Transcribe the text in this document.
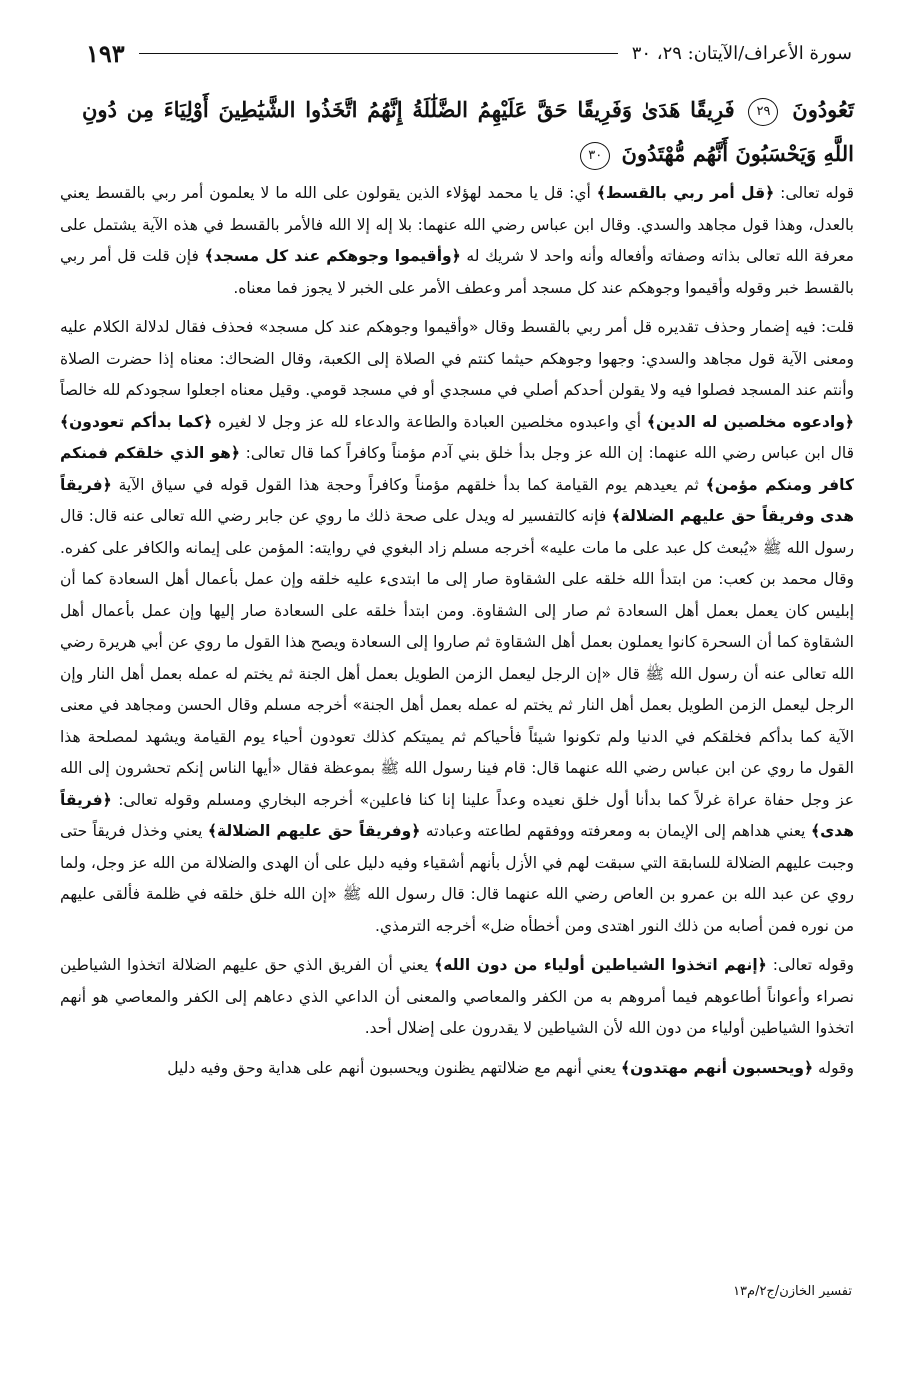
سورة الأعراف/الآيتان: ٢٩، ٣٠
١٩٣
تَعُودُونَ ٢٩ فَرِيقًا هَدَىٰ وَفَرِيقًا حَقَّ عَلَيْهِمُ الضَّلَٰلَةُ إِنَّهُمُ اتَّخَذُوا الشَّيَٰطِينَ أَوْلِيَاءَ مِن دُونِ اللَّهِ وَيَحْسَبُونَ أَنَّهُم مُّهْتَدُونَ ٣٠

قوله تعالى: ﴿قل أمر ربي بالقسط﴾ أي: قل يا محمد لهؤلاء الذين يقولون على الله ما لا يعلمون أمر ربي بالقسط يعني بالعدل، وهذا قول مجاهد والسدي. وقال ابن عباس رضي الله عنهما: بلا إله إلا الله فالأمر بالقسط في هذه الآية يشتمل على معرفة الله تعالى بذاته وصفاته وأفعاله وأنه واحد لا شريك له ﴿وأقيموا وجوهكم عند كل مسجد﴾ فإن قلت قل أمر ربي بالقسط خبر وقوله وأقيموا وجوهكم عند كل مسجد أمر وعطف الأمر على الخبر لا يجوز فما معناه.

قلت: فيه إضمار وحذف تقديره قل أمر ربي بالقسط وقال «وأقيموا وجوهكم عند كل مسجد» فحذف فقال لدلالة الكلام عليه ومعنى الآية قول مجاهد والسدي: وجهوا وجوهكم حيثما كنتم في الصلاة إلى الكعبة، وقال الضحاك: معناه إذا حضرت الصلاة وأنتم عند المسجد فصلوا فيه ولا يقولن أحدكم أصلي في مسجدي أو في مسجد قومي. وقيل معناه اجعلوا سجودكم لله خالصاً ﴿وادعوه مخلصين له الدين﴾ أي واعبدوه مخلصين العبادة والطاعة والدعاء لله عز وجل لا لغيره ﴿كما بدأكم تعودون﴾ قال ابن عباس رضي الله عنهما: إن الله عز وجل بدأ خلق بني آدم مؤمناً وكافراً كما قال تعالى: ﴿هو الذي خلقكم فمنكم كافر ومنكم مؤمن﴾ ثم يعيدهم يوم القيامة كما بدأ خلقهم مؤمناً وكافراً وحجة هذا القول قوله في سياق الآية ﴿فريقاً هدى وفريقاً حق عليهم الضلالة﴾ فإنه كالتفسير له ويدل على صحة ذلك ما روي عن جابر رضي الله تعالى عنه قال: قال رسول الله ﷺ «يُبعث كل عبد على ما مات عليه» أخرجه مسلم زاد البغوي في روايته: المؤمن على إيمانه والكافر على كفره. وقال محمد بن كعب: من ابتدأ الله خلقه على الشقاوة صار إلى ما ابتدىء عليه خلقه وإن عمل بأعمال أهل السعادة كما أن إبليس كان يعمل بعمل أهل السعادة ثم صار إلى الشقاوة. ومن ابتدأ خلقه على السعادة صار إليها وإن عمل بأعمال أهل الشقاوة كما أن السحرة كانوا يعملون بعمل أهل الشقاوة ثم صاروا إلى السعادة ويصح هذا القول ما روي عن أبي هريرة رضي الله تعالى عنه أن رسول الله ﷺ قال «إن الرجل ليعمل الزمن الطويل بعمل أهل الجنة ثم يختم له عمله بعمل أهل النار وإن الرجل ليعمل الزمن الطويل بعمل أهل النار ثم يختم له عمله بعمل أهل الجنة» أخرجه مسلم وقال الحسن ومجاهد في معنى الآية كما بدأكم فخلقكم في الدنيا ولم تكونوا شيئاً فأحياكم ثم يميتكم كذلك تعودون أحياء يوم القيامة ويشهد لمصلحة هذا القول ما روي عن ابن عباس رضي الله عنهما قال: قام فينا رسول الله ﷺ بموعظة فقال «أيها الناس إنكم تحشرون إلى الله عز وجل حفاة عراة غرلاً كما بدأنا أول خلق نعيده وعداً علينا إنا كنا فاعلين» أخرجه البخاري ومسلم وقوله تعالى: ﴿فريقاً هدى﴾ يعني هداهم إلى الإيمان به ومعرفته ووفقهم لطاعته وعبادته ﴿وفريقاً حق عليهم الضلالة﴾ يعني وخذل فريقاً حتى وجبت عليهم الضلالة للسابقة التي سبقت لهم في الأزل بأنهم أشقياء وفيه دليل على أن الهدى والضلالة من الله عز وجل، ولما روي عن عبد الله بن عمرو بن العاص رضي الله عنهما قال: قال رسول الله ﷺ «إن الله خلق خلقه في ظلمة فألقى عليهم من نوره فمن أصابه من ذلك النور اهتدى ومن أخطأه ضل» أخرجه الترمذي.

وقوله تعالى: ﴿إنهم اتخذوا الشياطين أولياء من دون الله﴾ يعني أن الفريق الذي حق عليهم الضلالة اتخذوا الشياطين نصراء وأعواناً أطاعوهم فيما أمروهم به من الكفر والمعاصي والمعنى أن الداعي الذي دعاهم إلى الكفر والمعاصي هو أنهم اتخذوا الشياطين أولياء من دون الله لأن الشياطين لا يقدرون على إضلال أحد.

وقوله ﴿ويحسبون أنهم مهتدون﴾ يعني أنهم مع ضلالتهم يظنون ويحسبون أنهم على هداية وحق وفيه دليل

تفسير الخازن/ج٢/م١٣
